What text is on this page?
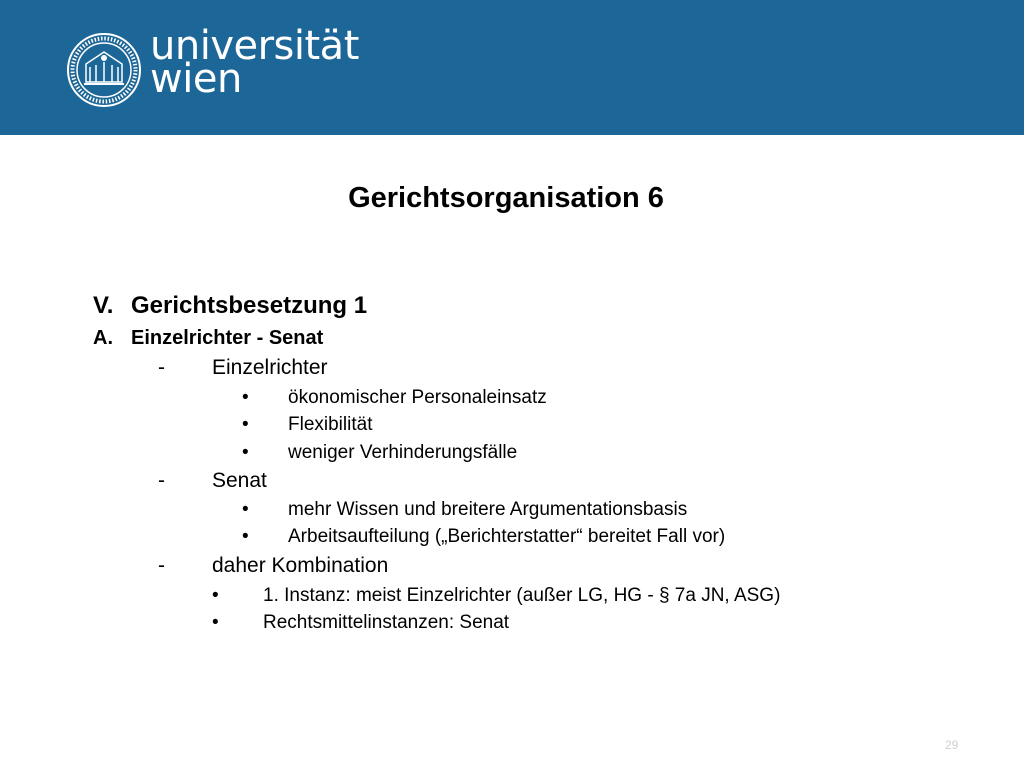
universität
wien
Gerichtsorganisation 6
V. Gerichtsbesetzung 1
A. Einzelrichter - Senat
- Einzelrichter
• ökonomischer Personaleinsatz
• Flexibilität
• weniger Verhinderungsfälle
- Senat
• mehr Wissen und breitere Argumentationsbasis
• Arbeitsaufteilung („Berichterstatter“ bereitet Fall vor)
- daher Kombination
• 1. Instanz: meist Einzelrichter (außer LG, HG - § 7a JN, ASG)
• Rechtsmittelinstanzen: Senat
29
